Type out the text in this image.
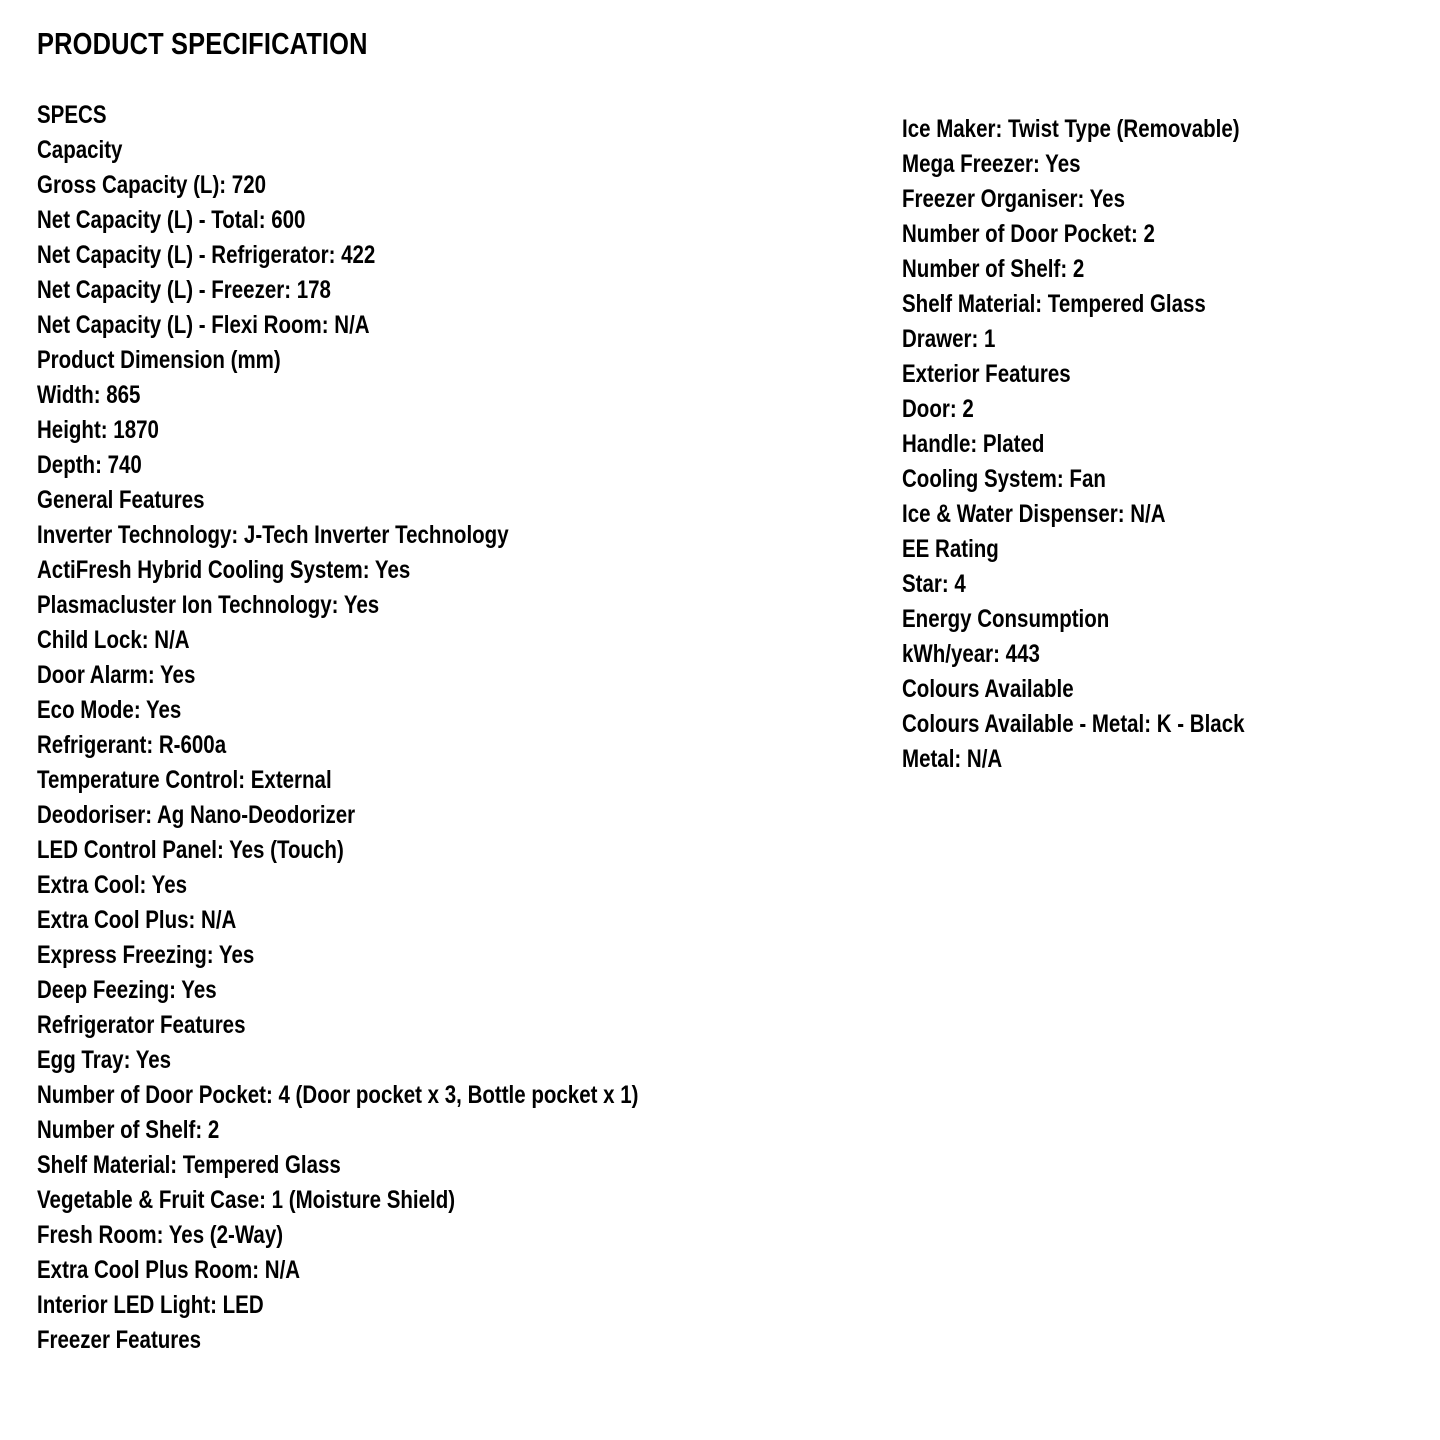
PRODUCT SPECIFICATION
SPECS
Capacity
Gross Capacity (L): 720
Net Capacity (L) - Total: 600
Net Capacity (L) - Refrigerator: 422
Net Capacity (L) - Freezer: 178
Net Capacity (L) - Flexi Room: N/A
Product Dimension (mm)
Width: 865
Height: 1870
Depth: 740
General Features
Inverter Technology: J-Tech Inverter Technology
ActiFresh Hybrid Cooling System: Yes
Plasmacluster Ion Technology: Yes
Child Lock: N/A
Door Alarm: Yes
Eco Mode: Yes
Refrigerant: R-600a
Temperature Control: External
Deodoriser: Ag Nano-Deodorizer
LED Control Panel: Yes (Touch)
Extra Cool: Yes
Extra Cool Plus: N/A
Express Freezing: Yes
Deep Feezing: Yes
Refrigerator Features
Egg Tray: Yes
Number of Door Pocket: 4 (Door pocket x 3, Bottle pocket x 1)
Number of Shelf: 2
Shelf Material: Tempered Glass
Vegetable & Fruit Case: 1 (Moisture Shield)
Fresh Room: Yes (2-Way)
Extra Cool Plus Room: N/A
Interior LED Light: LED
Freezer Features
Ice Maker: Twist Type (Removable)
Mega Freezer: Yes
Freezer Organiser: Yes
Number of Door Pocket: 2
Number of Shelf: 2
Shelf Material: Tempered Glass
Drawer: 1
Exterior Features
Door: 2
Handle: Plated
Cooling System: Fan
Ice & Water Dispenser: N/A
EE Rating
Star: 4
Energy Consumption
kWh/year: 443
Colours Available
Colours Available - Metal: K - Black
Metal: N/A
